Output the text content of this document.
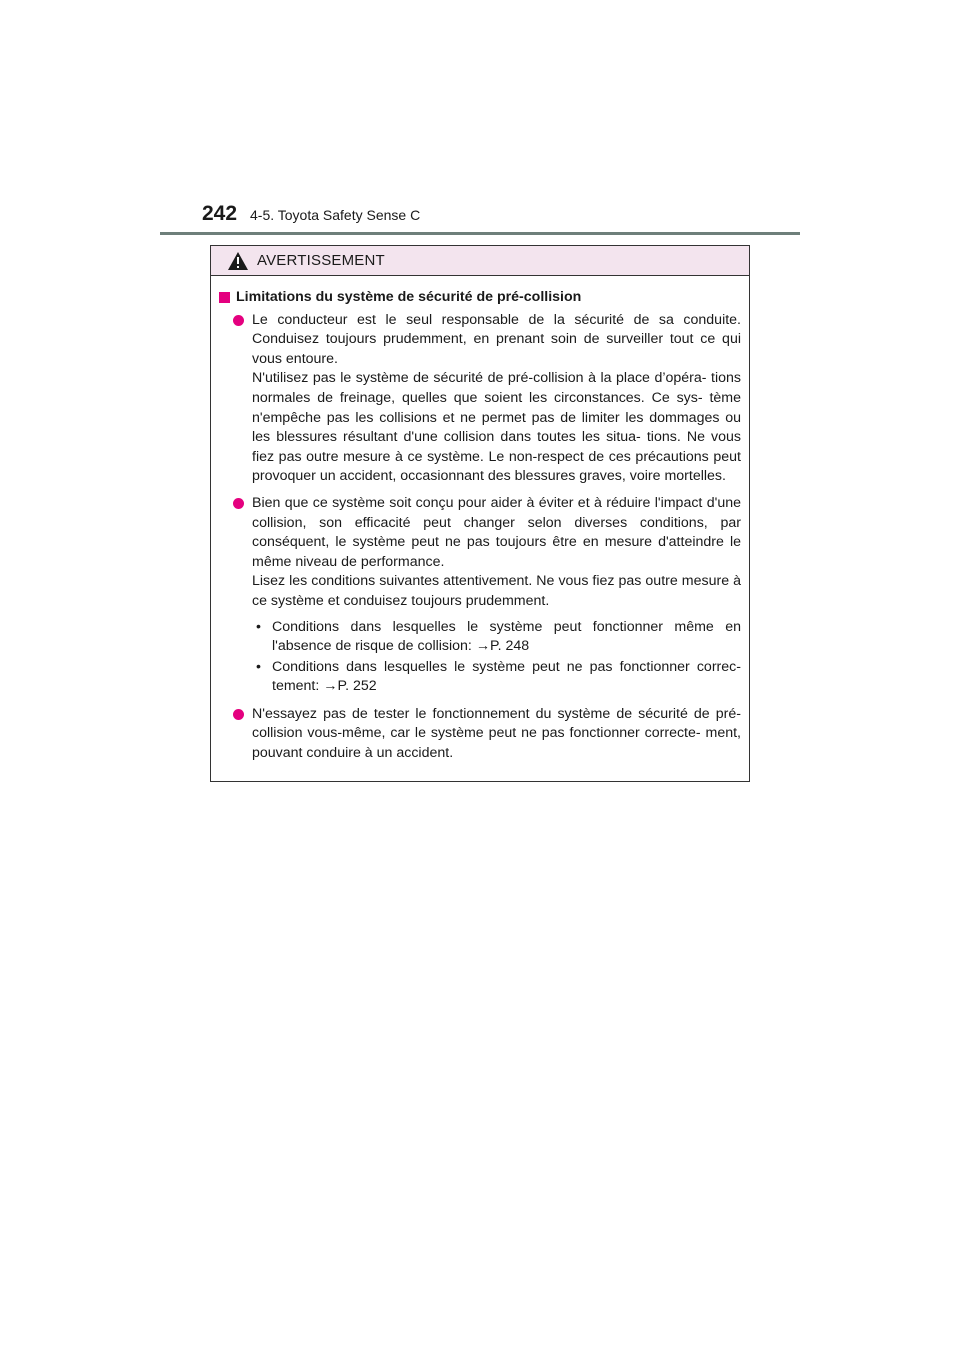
242 4-5. Toyota Safety Sense C
AVERTISSEMENT
Limitations du système de sécurité de pré-collision

Le conducteur est le seul responsable de la sécurité de sa conduite. Conduisez toujours prudemment, en prenant soin de surveiller tout ce qui vous entoure.

N'utilisez pas le système de sécurité de pré-collision à la place d’opéra- tions normales de freinage, quelles que soient les circonstances. Ce sys- tème n'empêche pas les collisions et ne permet pas de limiter les dommages ou les blessures résultant d'une collision dans toutes les situa- tions. Ne vous fiez pas outre mesure à ce système. Le non-respect de ces précautions peut provoquer un accident, occasionnant des blessures graves, voire mortelles.

Bien que ce système soit conçu pour aider à éviter et à réduire l'impact d'une collision, son efficacité peut changer selon diverses conditions, par conséquent, le système peut ne pas toujours être en mesure d'atteindre le même niveau de performance.

Lisez les conditions suivantes attentivement. Ne vous fiez pas outre mesure à ce système et conduisez toujours prudemment.

• Conditions dans lesquelles le système peut fonctionner même en l'absence de risque de collision: →P. 248
• Conditions dans lesquelles le système peut ne pas fonctionner correc- tement: →P. 252

N'essayez pas de tester le fonctionnement du système de sécurité de pré- collision vous-même, car le système peut ne pas fonctionner correcte- ment, pouvant conduire à un accident.
